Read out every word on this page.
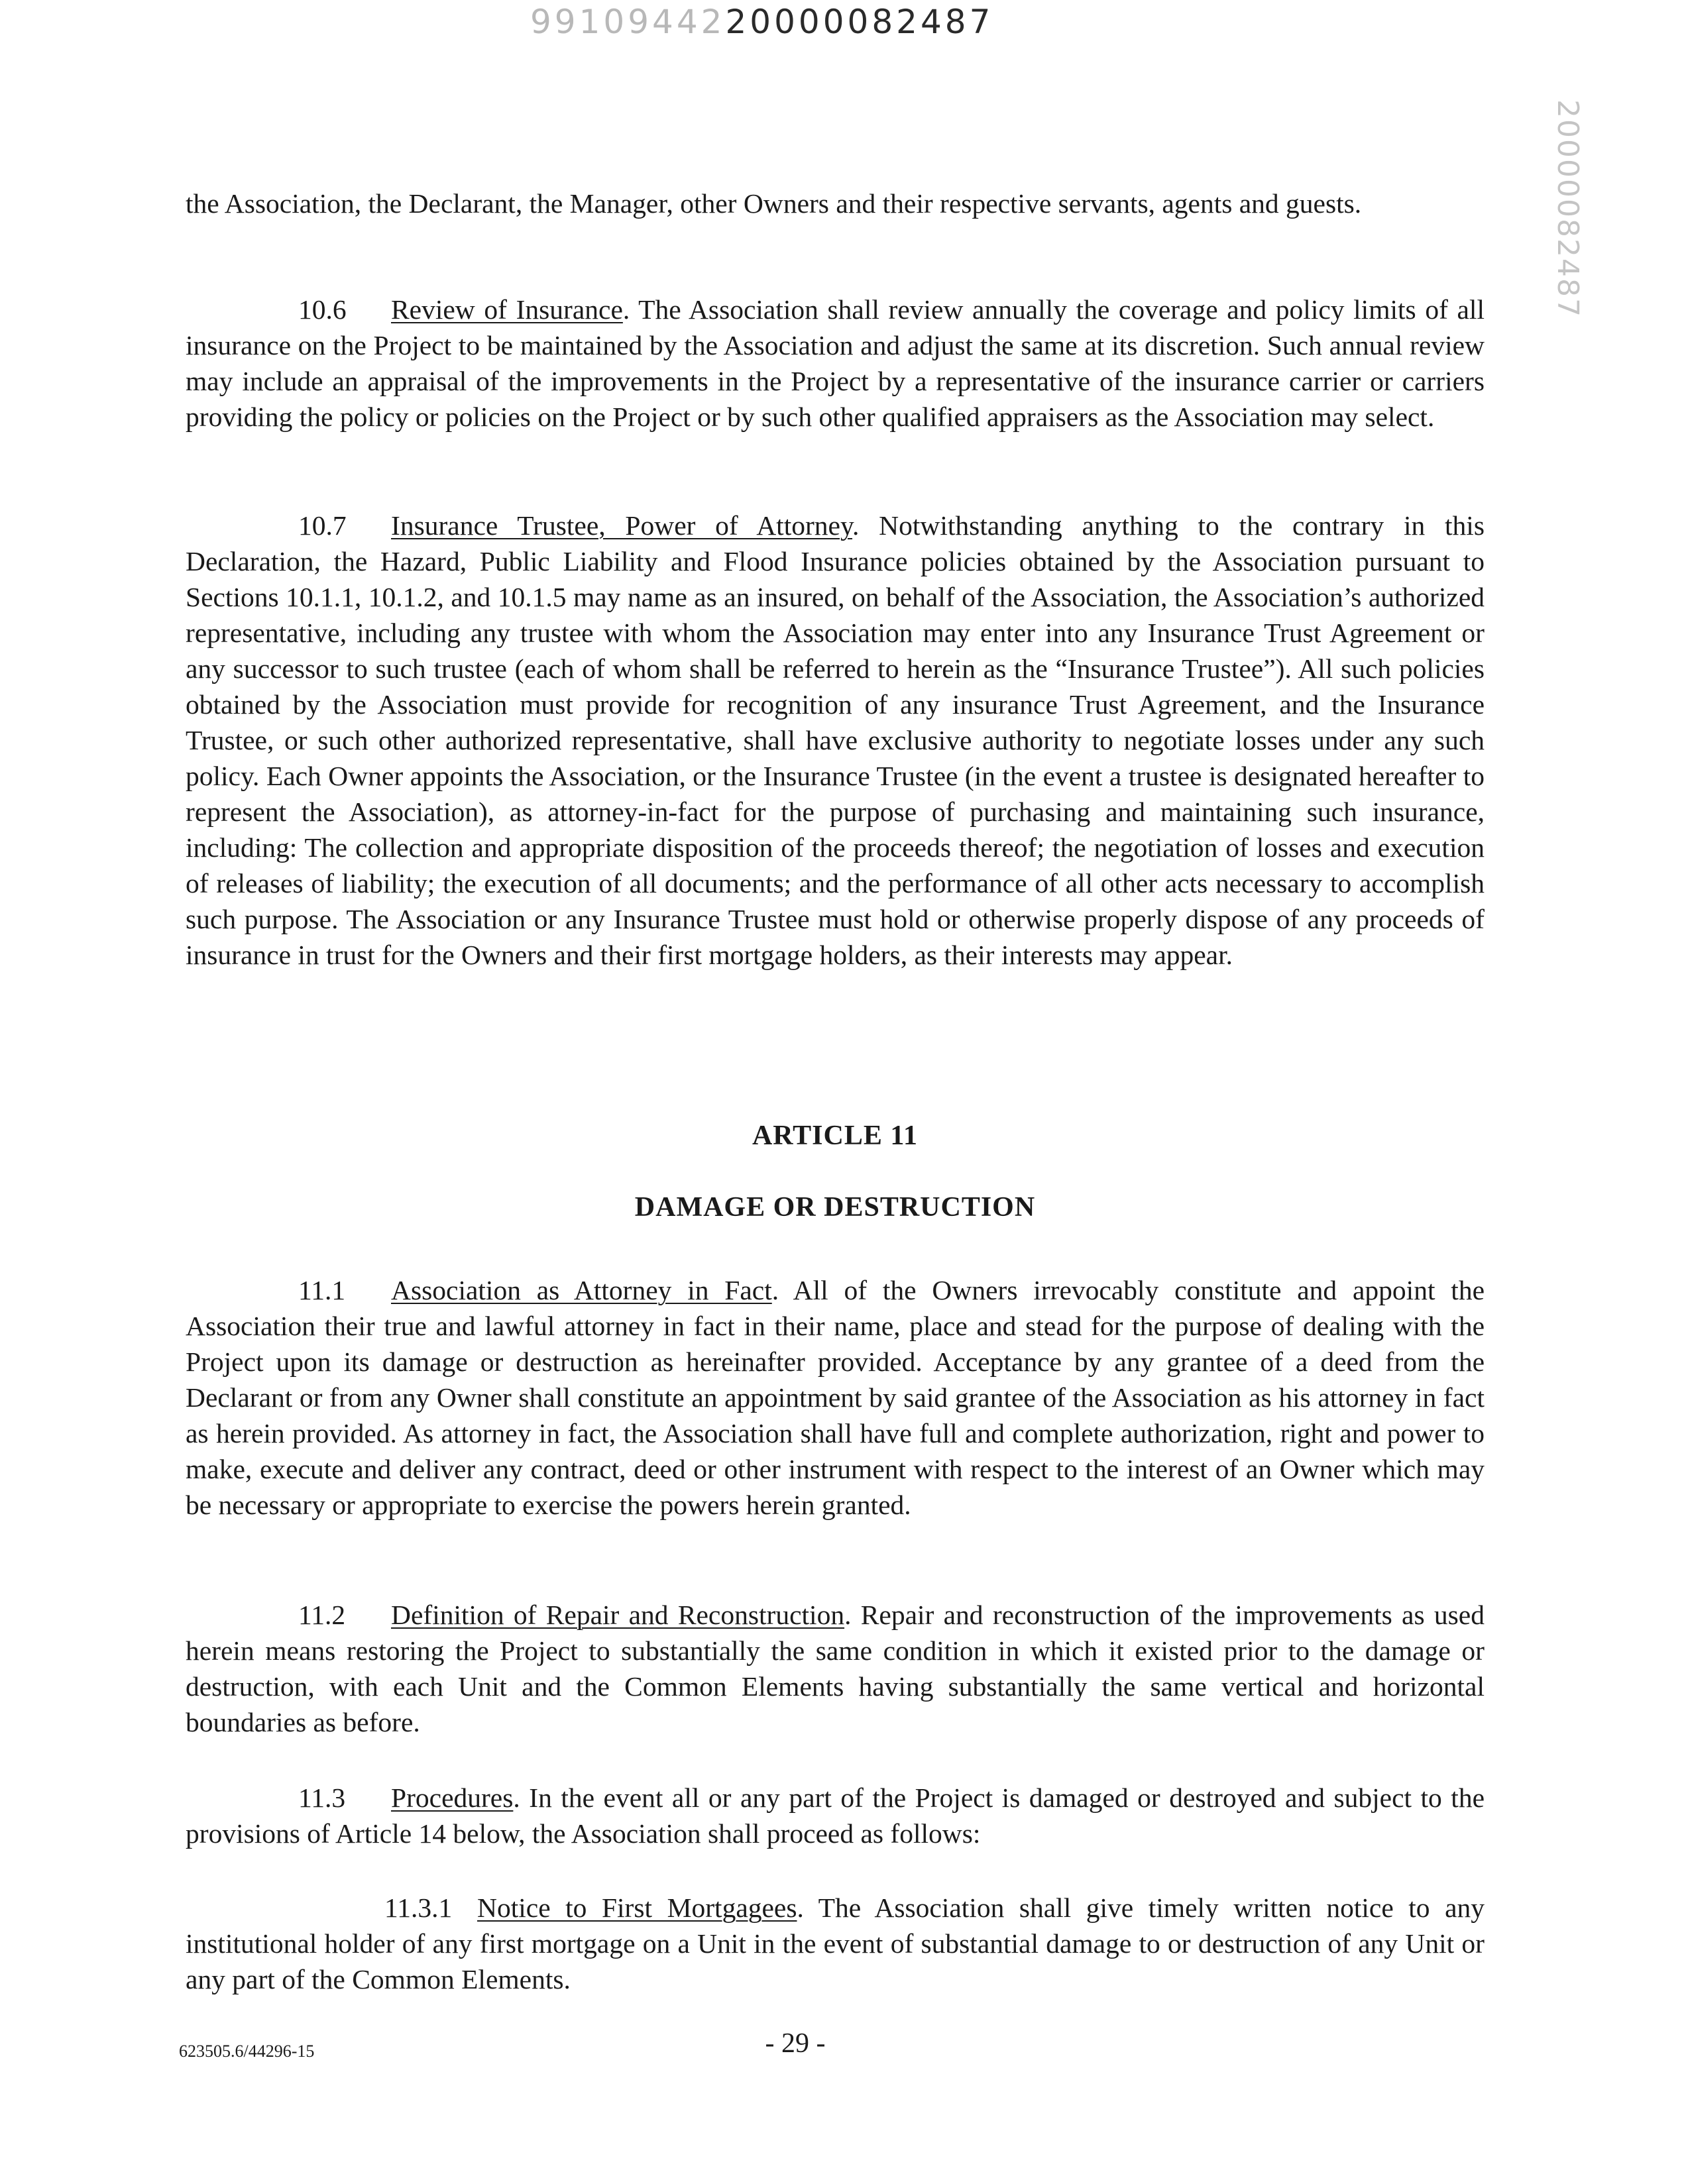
9910944220000082487
20000082487

the Association, the Declarant, the Manager, other Owners and their respective servants, agents and guests.

10.6 Review of Insurance. The Association shall review annually the coverage and policy limits of all insurance on the Project to be maintained by the Association and adjust the same at its discretion. Such annual review may include an appraisal of the improvements in the Project by a representative of the insurance carrier or carriers providing the policy or policies on the Project or by such other qualified appraisers as the Association may select.

10.7 Insurance Trustee, Power of Attorney. Notwithstanding anything to the contrary in this Declaration, the Hazard, Public Liability and Flood Insurance policies obtained by the Association pursuant to Sections 10.1.1, 10.1.2, and 10.1.5 may name as an insured, on behalf of the Association, the Association’s authorized representative, including any trustee with whom the Association may enter into any Insurance Trust Agreement or any successor to such trustee (each of whom shall be referred to herein as the “Insurance Trustee”). All such policies obtained by the Association must provide for recognition of any insurance Trust Agreement, and the Insurance Trustee, or such other authorized representative, shall have exclusive authority to negotiate losses under any such policy. Each Owner appoints the Association, or the Insurance Trustee (in the event a trustee is designated hereafter to represent the Association), as attorney-in-fact for the purpose of purchasing and maintaining such insurance, including: The collection and appropriate disposition of the proceeds thereof; the negotiation of losses and execution of releases of liability; the execution of all documents; and the performance of all other acts necessary to accomplish such purpose. The Association or any Insurance Trustee must hold or otherwise properly dispose of any proceeds of insurance in trust for the Owners and their first mortgage holders, as their interests may appear.

ARTICLE 11
DAMAGE OR DESTRUCTION

11.1 Association as Attorney in Fact. All of the Owners irrevocably constitute and appoint the Association their true and lawful attorney in fact in their name, place and stead for the purpose of dealing with the Project upon its damage or destruction as hereinafter provided. Acceptance by any grantee of a deed from the Declarant or from any Owner shall constitute an appointment by said grantee of the Association as his attorney in fact as herein provided. As attorney in fact, the Association shall have full and complete authorization, right and power to make, execute and deliver any contract, deed or other instrument with respect to the interest of an Owner which may be necessary or appropriate to exercise the powers herein granted.

11.2 Definition of Repair and Reconstruction. Repair and reconstruction of the improvements as used herein means restoring the Project to substantially the same condition in which it existed prior to the damage or destruction, with each Unit and the Common Elements having substantially the same vertical and horizontal boundaries as before.

11.3 Procedures. In the event all or any part of the Project is damaged or destroyed and subject to the provisions of Article 14 below, the Association shall proceed as follows:

11.3.1 Notice to First Mortgagees. The Association shall give timely written notice to any institutional holder of any first mortgage on a Unit in the event of substantial damage to or destruction of any Unit or any part of the Common Elements.

623505.6/44296-15	- 29 -
